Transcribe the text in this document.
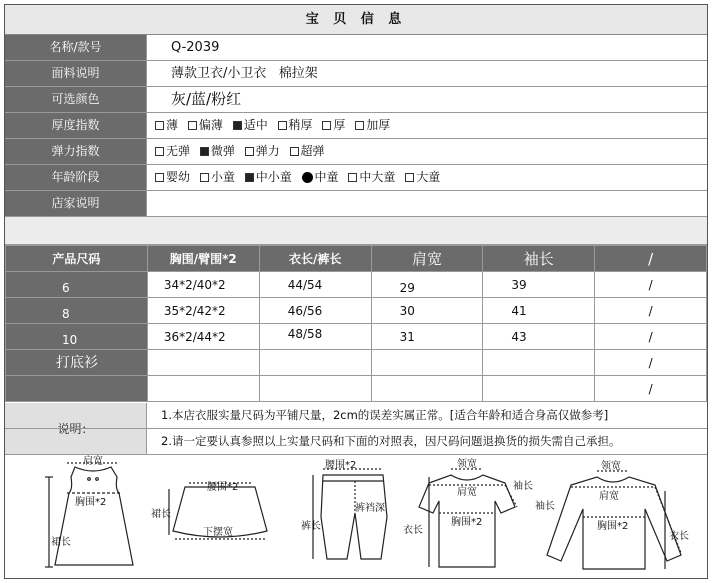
宝 贝 信 息
名称/款号	Q-2039
面料说明	薄款卫衣/小卫衣   棉拉架
可选颜色	灰/蓝/粉红
厚度指数	薄 偏薄 适中 稍厚 厚 加厚
弹力指数	无弹 微弹 弹力 超弹
年龄阶段	婴幼 小童 中小童 中童 中大童 大童
店家说明
产品尺码	胸围/臂围*2	衣长/裤长	肩宽	袖长	/
6	34*2/40*2	44/54	29	39	/
8	35*2/42*2	46/56	30	41	/
10	36*2/44*2	48/58	31	43	/
打底衫					/
					/
说明：
1.本店衣服实量尺码为平铺尺量，2cm的误差实属正常。[适合年龄和适合身高仅做参考]
2.请一定要认真参照以上实量尺码和下面的对照表，因尺码问题退换货的损失需自己承担。
肩宽
胸围*2
裙长
腰围*2
裙长
下摆宽
腰围*2
裤长
裤裆深
领宽
肩宽
袖长
胸围*2
衣长
领宽
肩宽
袖长
胸围*2
衣长
